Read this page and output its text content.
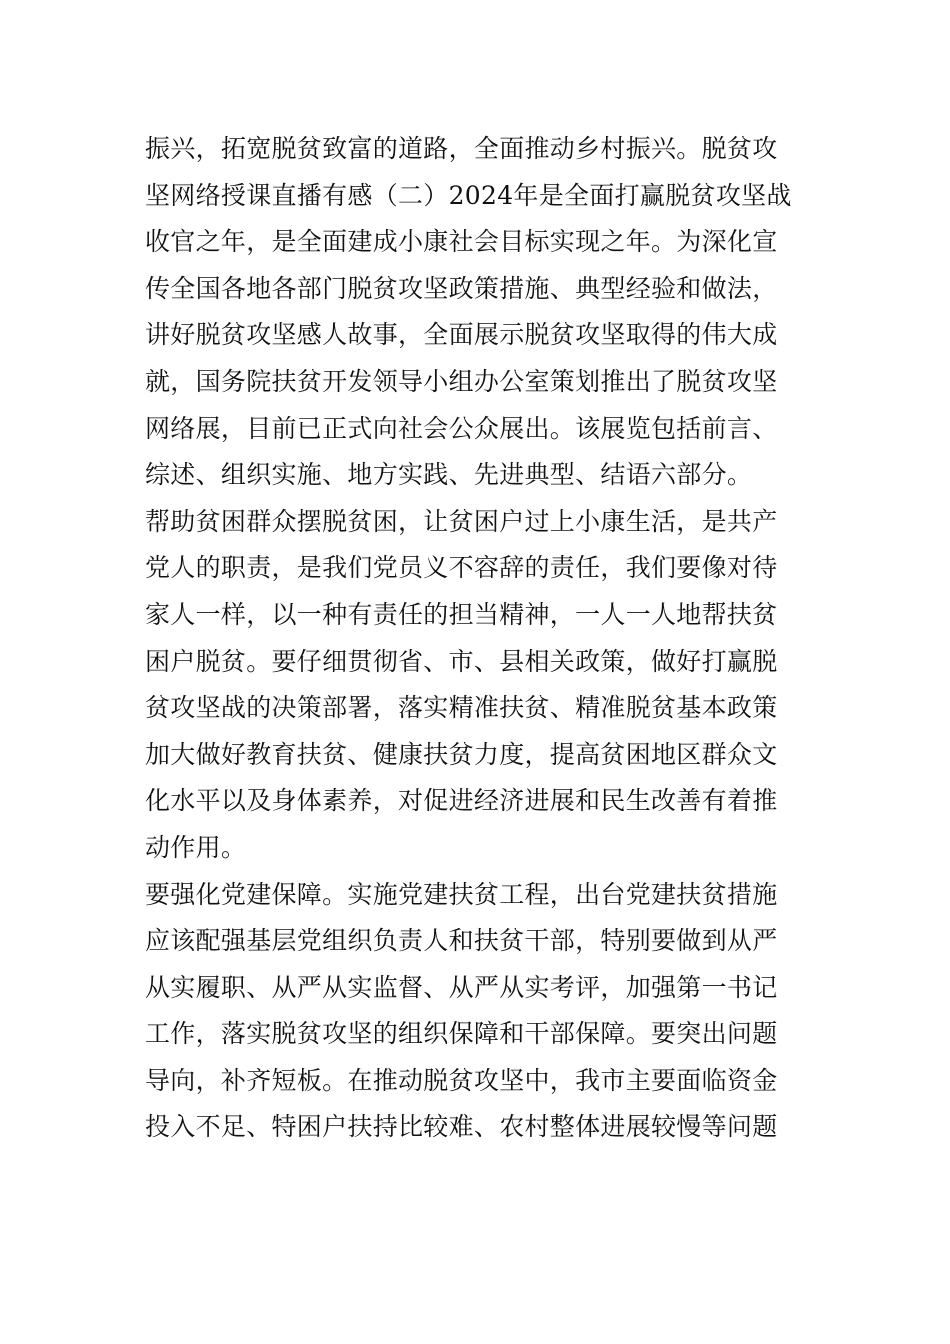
振兴，拓宽脱贫致富的道路，全面推动乡村振兴。脱贫攻
坚网络授课直播有感（二）2024年是全面打赢脱贫攻坚战
收官之年，是全面建成小康社会目标实现之年。为深化宣
传全国各地各部门脱贫攻坚政策措施、典型经验和做法，
讲好脱贫攻坚感人故事，全面展示脱贫攻坚取得的伟大成
就，国务院扶贫开发领导小组办公室策划推出了脱贫攻坚
网络展，目前已正式向社会公众展出。该展览包括前言、
综述、组织实施、地方实践、先进典型、结语六部分。
帮助贫困群众摆脱贫困，让贫困户过上小康生活，是共产
党人的职责，是我们党员义不容辞的责任，我们要像对待
家人一样，以一种有责任的担当精神，一人一人地帮扶贫
困户脱贫。要仔细贯彻省、市、县相关政策，做好打赢脱
贫攻坚战的决策部署，落实精准扶贫、精准脱贫基本政策
加大做好教育扶贫、健康扶贫力度，提高贫困地区群众文
化水平以及身体素养，对促进经济进展和民生改善有着推
动作用。
要强化党建保障。实施党建扶贫工程，出台党建扶贫措施
应该配强基层党组织负责人和扶贫干部，特别要做到从严
从实履职、从严从实监督、从严从实考评，加强第一书记
工作，落实脱贫攻坚的组织保障和干部保障。要突出问题
导向，补齐短板。在推动脱贫攻坚中，我市主要面临资金
投入不足、特困户扶持比较难、农村整体进展较慢等问题
